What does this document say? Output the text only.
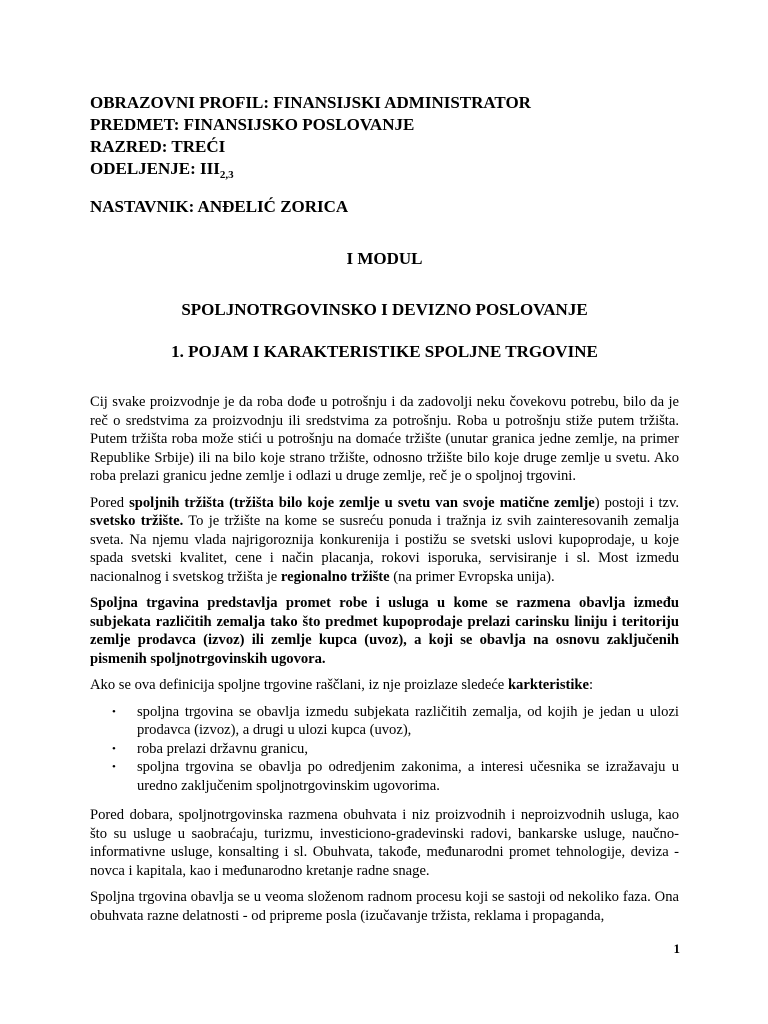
OBRAZOVNI PROFIL: FINANSIJSKI ADMINISTRATOR

PREDMET: FINANSIJSKO POSLOVANJE

RAZRED: TREĆI

ODELJENJE: $III_{2,3}$

NASTAVNIK: ANĐELIĆ ZORICA

I MODUL

SPOLJNOTRGOVINSKO I DEVIZNO POSLOVANJE

1. POJAM I KARAKTERISTIKE SPOLJNE TRGOVINE

Cij svake proizvodnje je da roba dođe u potrošnju i da zadovolji neku čovekovu potrebu, bilo da je reč o sredstvima za proizvodnju ili sredstvima za potrošnju. Roba u potrošnju stiže putem tržišta. Putem tržišta roba može stići u potrošnju na domaće tržište (unutar granica jedne zemlje, na primer Republike Srbije) ili na bilo koje strano tržište, odnosno tržište bilo koje druge zemlje u svetu. Ako roba prelazi granicu jedne zemlje i odlazi u druge zemlje, reč je o spoljnoj trgovini.

Pored spoljnih tržišta (tržišta bilo koje zemlje u svetu van svoje matične zemlje) postoji i tzv. svetsko tržište. To je tržište na kome se susreću ponuda i tražnja iz svih zainteresovanih zemalja sveta. Na njemu vlada najrigoroznija konkurenija i postižu se svetski uslovi kupoprodaje, u koje spada svetski kvalitet, cene i način placanja, rokovi isporuka, servisiranje i sl. Most izmedu nacionalnog i svetskog tržišta je regionalno tržište (na primer Evropska unija).

Spoljna trgavina predstavlja promet robe i usluga u kome se razmena obavlja između subjekata različitih zemalja tako što predmet kupoprodaje prelazi carinsku liniju i teritoriju zemlje prodavca (izvoz) ili zemlje kupca (uvoz), a koji se obavlja na osnovu zaključenih pismenih spoljnotrgovinskih ugovora.

Ako se ova definicija spoljne trgovine raščlani, iz nje proizlaze sledeće karkteristike:

• spoljna trgovina se obavlja izmedu subjekata različitih zemalja, od kojih je jedan u ulozi prodavca (izvoz), a drugi u ulozi kupca (uvoz),
• roba prelazi državnu granicu,
• spoljna trgovina se obavlja po odredjenim zakonima, a interesi učesnika se izražavaju u uredno zaključenim spoljnotrgovinskim ugovorima.

Pored dobara, spoljnotrgovinska razmena obuhvata i niz proizvodnih i neproizvodnih usluga, kao što su usluge u saobraćaju, turizmu, investiciono-gradevinski radovi, bankarske usluge, naučno-informativne usluge, konsalting i sl. Obuhvata, takođe, međunarodni promet tehnologije, deviza - novca i kapitala, kao i međunarodno kretanje radne snage.

Spoljna trgovina obavlja se u veoma složenom radnom procesu koji se sastoji od nekoliko faza. Ona obuhvata razne delatnosti - od pripreme posla (izučavanje tržista, reklama i propaganda,

1
